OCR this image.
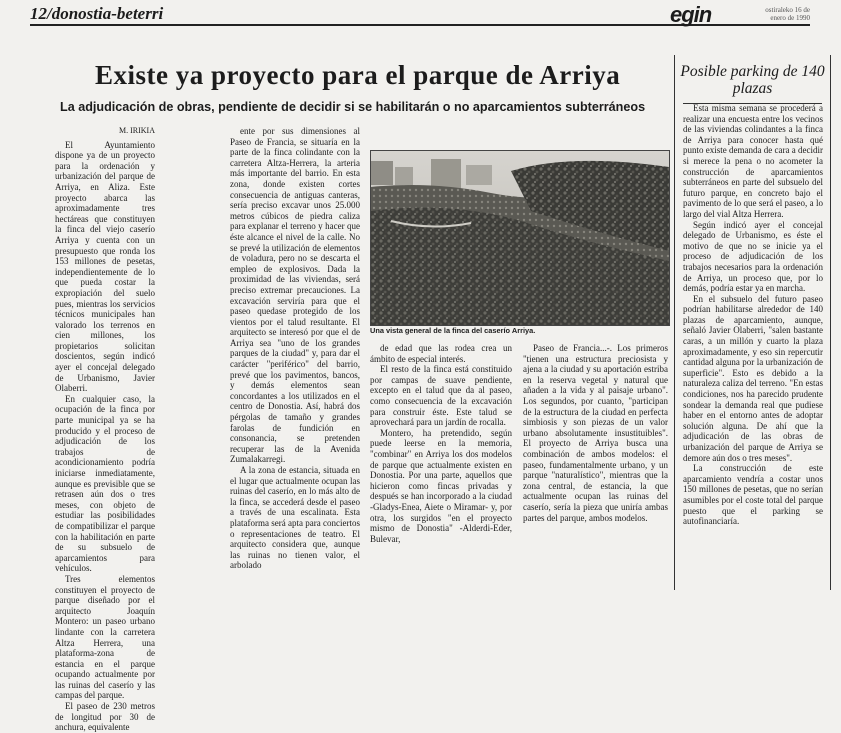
12/donostia-beterri	egin	ostiraleko 16 de
enero de 1990
Existe ya proyecto para el parque de Arriya
La adjudicación de obras, pendiente de decidir si se habilitarán o no aparcamientos subterráneos
M. IRIKIA

El Ayuntamiento dispone ya de un proyecto para la ordenación y urbanización del parque de Arriya, en Aliza. Este proyecto abarca las aproximadamente tres hectáreas que constituyen la finca del viejo caserío Arriya y cuenta con un presupuesto que ronda los 153 millones de pesetas, independientemente de lo que pueda costar la expropiación del suelo pues, mientras los servicios técnicos municipales han valorado los terrenos en cien millones, los propietarios solicitan doscientos, según indicó ayer el concejal delegado de Urbanismo, Javier Olaberri.

En cualquier caso, la ocupación de la finca por parte municipal ya se ha producido y el proceso de adjudicación de los trabajos de acondicionamiento podría iniciarse inmediatamente, aunque es previsible que se retrasen aún dos o tres meses, con objeto de estudiar las posibilidades de compatibilizar el parque con la habilitación en parte de su subsuelo de aparcamientos para vehículos.

Tres elementos constituyen el proyecto de parque diseñado por el arquitecto Joaquín Montero: un paseo urbano lindante con la carretera Altza Herrera, una plataforma-zona de estancia en el parque ocupando actualmente por las ruinas del caserío y las campas del parque.

El paseo de 230 metros de longitud por 30 de anchura, equivalente

ente por sus dimensiones al Paseo de Francia, se situaría en la parte de la finca colindante con la carretera Altza-Herrera, la arteria más importante del barrio. En esta zona, donde existen cortes consecuencia de antiguas canteras, sería preciso excavar unos 25.000 metros cúbicos de piedra caliza para explanar el terreno y hacer que éste alcance el nivel de la calle. No se prevé la utilización de elementos de voladura, pero no se descarta el empleo de explosivos. Dada la proximidad de las viviendas, será preciso extremar precauciones. La excavación serviría para que el paseo quedase protegido de los vientos por el talud resultante. El arquitecto se interesó por que el de Arriya sea "uno de los grandes parques de la ciudad" y, para dar el carácter "periférico" del barrio, prevé que los pavimentos, bancos, y demás elementos sean concordantes a los utilizados en el centro de Donostia. Así, habrá dos pérgolas de tamaño y grandes farolas de fundición en consonancia, se pretenden recuperar las de la Avenida Zumalakarregi.

A la zona de estancia, situada en el lugar que actualmente ocupan las ruinas del caserío, en lo más alto de la finca, se accederá desde el paseo a través de una escalinata. Esta plataforma será apta para conciertos o representaciones de teatro. El arquitecto considera que, aunque las ruinas no tienen valor, el arbolado

Una vista general de la finca del caserío Arriya.

de edad que las rodea crea un ámbito de especial interés.

El resto de la finca está constituido por campas de suave pendiente, excepto en el talud que da al paseo, como consecuencia de la excavación para construir éste. Este talud se aprovechará para un jardín de rocalla.

Montero, ha pretendido, según puede leerse en la memoria, "combinar" en Arriya los dos modelos de parque que actualmente existen en Donostia. Por una parte, aquellos que hicieron como fincas privadas y después se han incorporado a la ciudad -Gladys-Enea, Aiete o Miramar- y, por otra, los surgidos "en el proyecto mismo de Donostia" -Alderdi-Eder, Bulevar,

Paseo de Francia...-. Los primeros "tienen una estructura preciosista y ajena a la ciudad y su aportación estriba en la reserva vegetal y natural que añaden a la vida y al paisaje urbano". Los segundos, por cuanto, "participan de la estructura de la ciudad en perfecta simbiosis y son piezas de un valor urbano absolutamente insustituibles". El proyecto de Arriya busca una combinación de ambos modelos: el paseo, fundamentalmente urbano, y un parque "naturalístico", mientras que la zona central, de estancia, la que actualmente ocupan las ruinas del caserío, sería la pieza que uniría ambas partes del parque, ambos modelos.

Posible parking de 140 plazas

Esta misma semana se procederá a realizar una encuesta entre los vecinos de las viviendas colindantes a la finca de Arriya para conocer hasta qué punto existe demanda de cara a decidir si merece la pena o no acometer la construcción de aparcamientos subterráneos en parte del subsuelo del futuro parque, en concreto bajo el pavimento de lo que será el paseo, a lo largo del vial Altza Herrera.

Según indicó ayer el concejal delegado de Urbanismo, es éste el motivo de que no se inicie ya el proceso de adjudicación de los trabajos necesarios para la ordenación de Arriya, un proceso que, por lo demás, podría estar ya en marcha.

En el subsuelo del futuro paseo podrían habilitarse alrededor de 140 plazas de aparcamiento, aunque, señaló Javier Olaberri, "salen bastante caras, a un millón y cuarto la plaza aproximadamente, y eso sin repercutir cantidad alguna por la urbanización de superficie". Esto es debido a la naturaleza caliza del terreno. "En estas condiciones, nos ha parecido prudente sondear la demanda real que pudiese haber en el entorno antes de adoptar solución alguna. De ahí que la adjudicación de las obras de urbanización del parque de Arriya se demore aún dos o tres meses".

La construcción de este aparcamiento vendría a costar unos 150 millones de pesetas, que no serían asumibles por el coste total del parque puesto que el parking se autofinanciaría.
